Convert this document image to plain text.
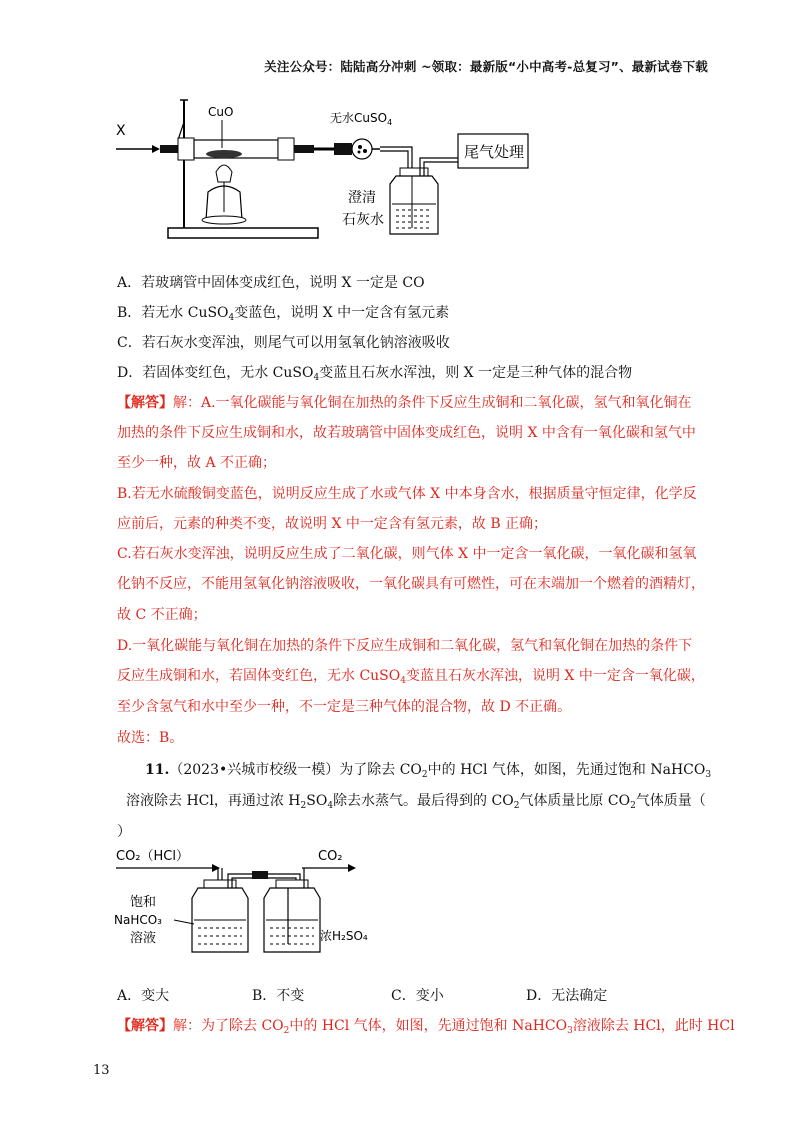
关注公众号：陆陆高分冲刺 ~领取：最新版“小中高考-总复习”、最新试卷下载
X
CuO	无水CuSO$_4$
澄清
石灰水
尾气处理
A．若玻璃管中固体变成红色，说明 X 一定是 CO
B．若无水 CuSO$_4$变蓝色，说明 X 中一定含有氢元素
C．若石灰水变浑浊，则尾气可以用氢氧化钠溶液吸收
D．若固体变红色，无水 CuSO$_4$变蓝且石灰水浑浊，则 X 一定是三种气体的混合物
【解答】解：A.一氧化碳能与氧化铜在加热的条件下反应生成铜和二氧化碳，氢气和氧化铜在
加热的条件下反应生成铜和水，故若玻璃管中固体变成红色，说明 X 中含有一氧化碳和氢气中
至少一种，故 A 不正确；
B.若无水硫酸铜变蓝色，说明反应生成了水或气体 X 中本身含水，根据质量守恒定律，化学反
应前后，元素的种类不变，故说明 X 中一定含有氢元素，故 B 正确；
C.若石灰水变浑浊，说明反应生成了二氧化碳，则气体 X 中一定含一氧化碳，一氧化碳和氢氧
化钠不反应，不能用氢氧化钠溶液吸收，一氧化碳具有可燃性，可在末端加一个燃着的酒精灯，
故 C 不正确；
D.一氧化碳能与氧化铜在加热的条件下反应生成铜和二氧化碳，氢气和氧化铜在加热的条件下
反应生成铜和水，若固体变红色，无水 CuSO$_4$变蓝且石灰水浑浊，说明 X 中一定含一氧化碳，
至少含氢气和水中至少一种，不一定是三种气体的混合物，故 D 不正确。
故选：B。
11.（2023•兴城市校级一模）为了除去 $CO_2$中的 HCl 气体，如图，先通过饱和 NaHCO$_3$
溶液除去 HCl，再通过浓 $H_2SO_4$除去水蒸气。最后得到的 $CO_2$气体质量比原 $CO_2$气体质量（
）
CO₂（HCl）	CO₂
饱和
NaHCO₃
溶液	浓H₂SO₄
A．变大	B．不变	C．变小	D．无法确定
【解答】解：为了除去 $CO_2$中的 HCl 气体，如图，先通过饱和 NaHCO$_3$溶液除去 HCl，此时 HCl
13
